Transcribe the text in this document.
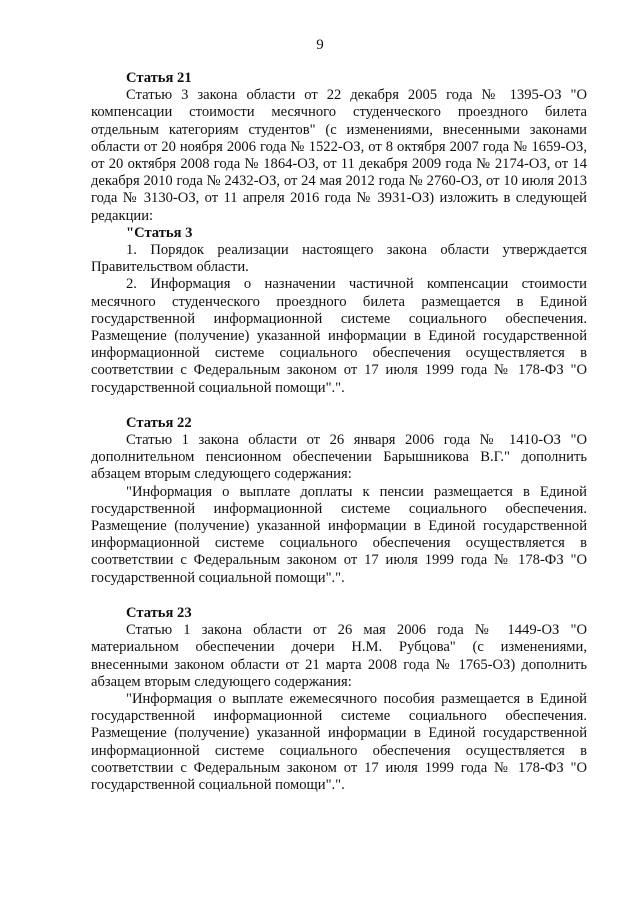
9

Статья 21

Статью 3 закона области от 22 декабря 2005 года № 1395-ОЗ "О компенсации стоимости месячного студенческого проездного билета отдельным категориям студентов" (с изменениями, внесенными законами области от 20 ноября 2006 года № 1522-ОЗ, от 8 октября 2007 года № 1659-ОЗ, от 20 октября 2008 года № 1864-ОЗ, от 11 декабря 2009 года № 2174-ОЗ, от 14 декабря 2010 года № 2432-ОЗ, от 24 мая 2012 года № 2760-ОЗ, от 10 июля 2013 года № 3130-ОЗ, от 11 апреля 2016 года № 3931-ОЗ) изложить в следующей редакции:

"Статья 3

1. Порядок реализации настоящего закона области утверждается Правительством области.

2. Информация о назначении частичной компенсации стоимости месячного студенческого проездного билета размещается в Единой государственной информационной системе социального обеспечения. Размещение (получение) указанной информации в Единой государственной информационной системе социального обеспечения осуществляется в соответствии с Федеральным законом от 17 июля 1999 года № 178-ФЗ "О государственной социальной помощи".".

Статья 22

Статью 1 закона области от 26 января 2006 года № 1410-ОЗ "О дополнительном пенсионном обеспечении Барышникова В.Г." дополнить абзацем вторым следующего содержания:

"Информация о выплате доплаты к пенсии размещается в Единой государственной информационной системе социального обеспечения. Размещение (получение) указанной информации в Единой государственной информационной системе социального обеспечения осуществляется в соответствии с Федеральным законом от 17 июля 1999 года № 178-ФЗ "О государственной социальной помощи".".

Статья 23

Статью 1 закона области от 26 мая 2006 года № 1449-ОЗ "О материальном обеспечении дочери Н.М. Рубцова" (с изменениями, внесенными законом области от 21 марта 2008 года № 1765-ОЗ) дополнить абзацем вторым следующего содержания:

"Информация о выплате ежемесячного пособия размещается в Единой государственной информационной системе социального обеспечения. Размещение (получение) указанной информации в Единой государственной информационной системе социального обеспечения осуществляется в соответствии с Федеральным законом от 17 июля 1999 года № 178-ФЗ "О государственной социальной помощи".".
